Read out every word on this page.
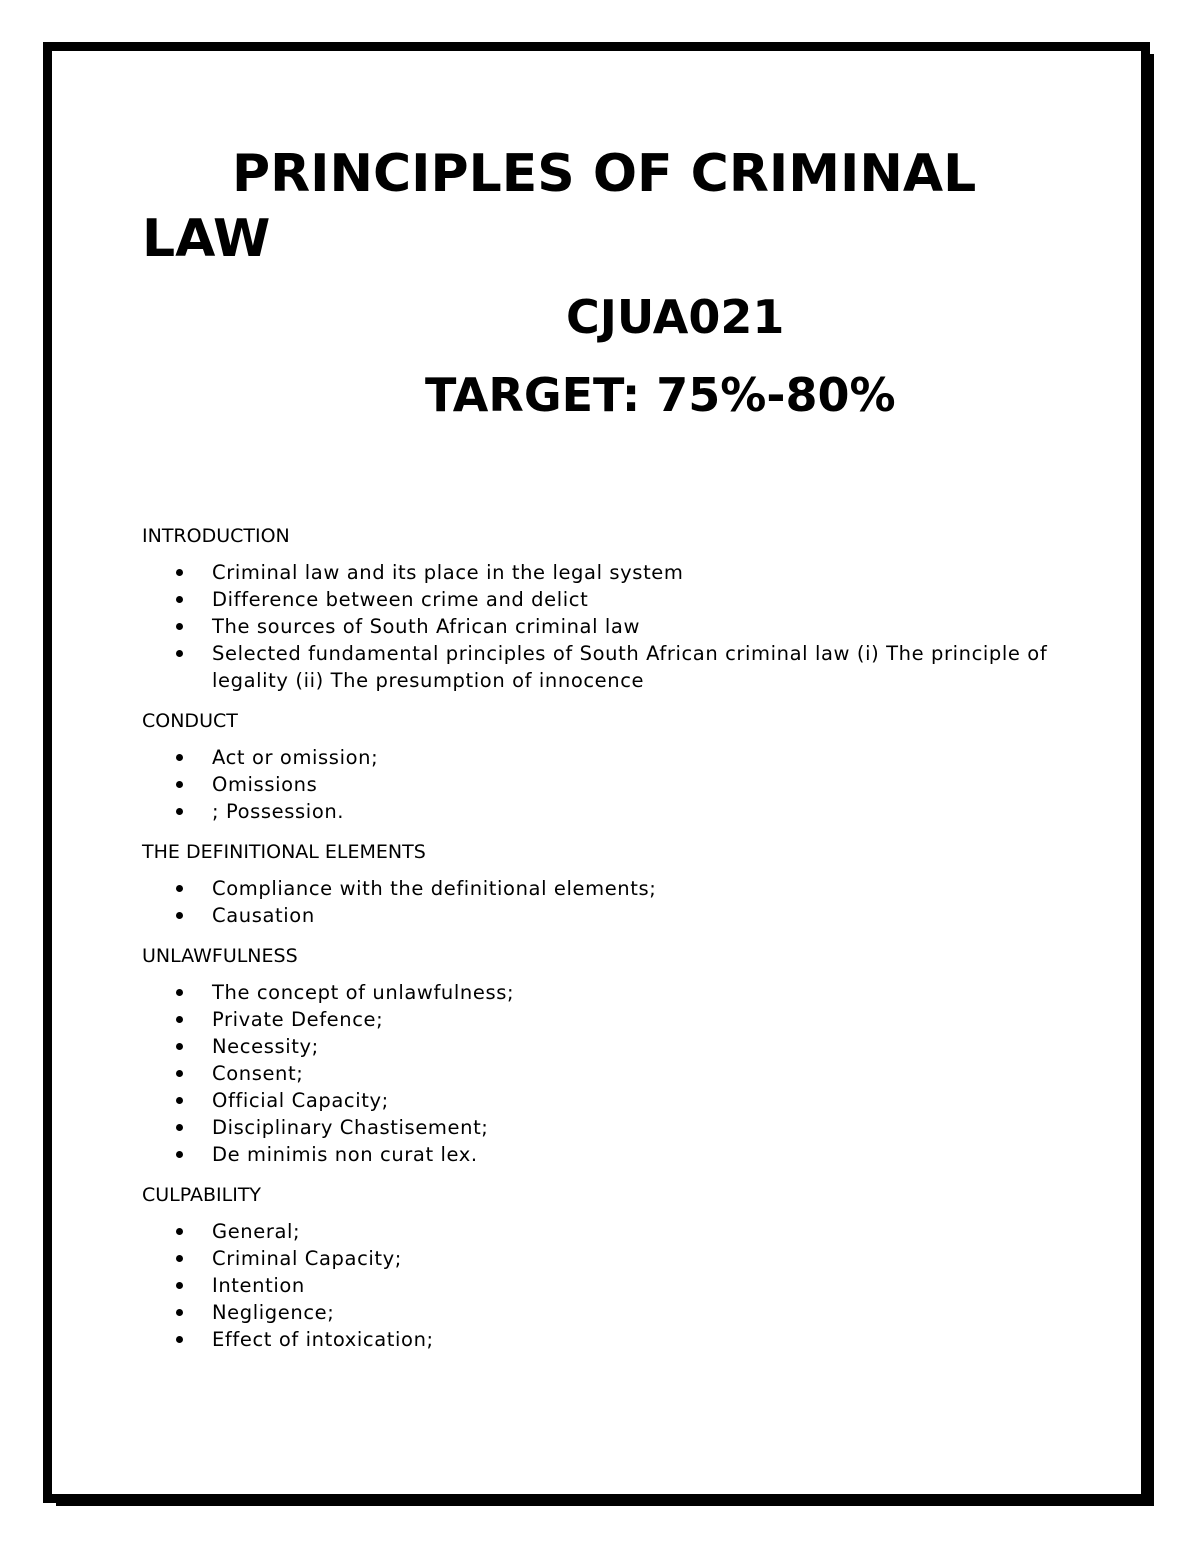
PRINCIPLES OF CRIMINAL
LAW
CJUA021
TARGET: 75%-80%
INTRODUCTION
Criminal law and its place in the legal system
Difference between crime and delict
The sources of South African criminal law
Selected fundamental principles of South African criminal law (i) The principle of legality (ii) The presumption of innocence
CONDUCT
Act or omission;
Omissions
; Possession.
THE DEFINITIONAL ELEMENTS
Compliance with the definitional elements;
Causation
UNLAWFULNESS
The concept of unlawfulness;
Private Defence;
Necessity;
Consent;
Official Capacity;
Disciplinary Chastisement;
De minimis non curat lex.
CULPABILITY
General;
Criminal Capacity;
Intention
Negligence;
Effect of intoxication;
